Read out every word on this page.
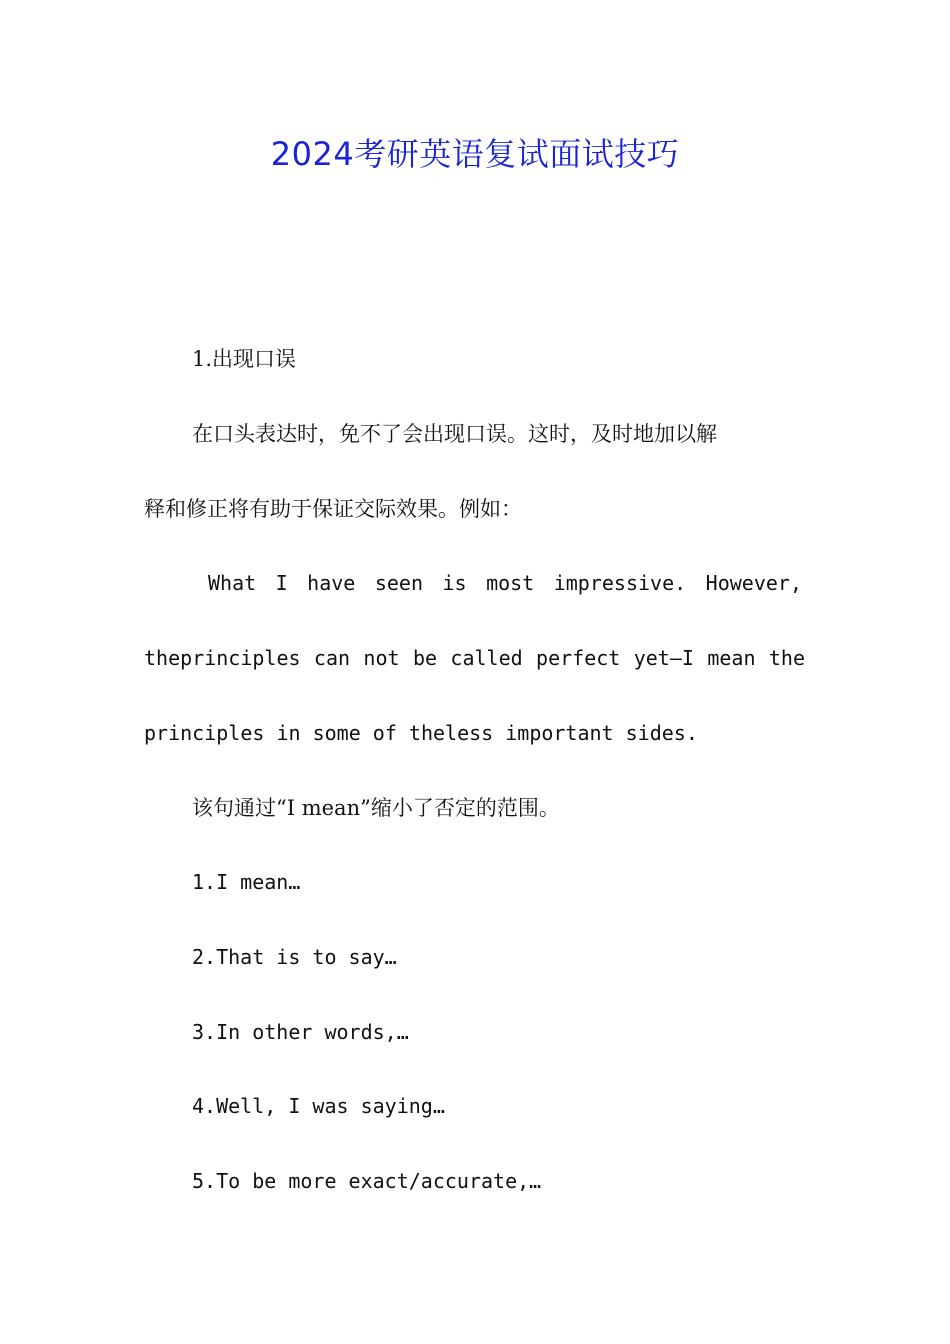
2024考研英语复试面试技巧

1.出现口误

在口头表达时，免不了会出现口误。这时，及时地加以解

释和修正将有助于保证交际效果。例如：

What I have seen is most impressive. However,

theprinciples can not be called perfect yet—I mean the

principles in some of theless important sides.

该句通过“I mean”缩小了否定的范围。

1.I mean…

2.That is to say…

3.In other words,…

4.Well, I was saying…

5.To be more exact/accurate,…
